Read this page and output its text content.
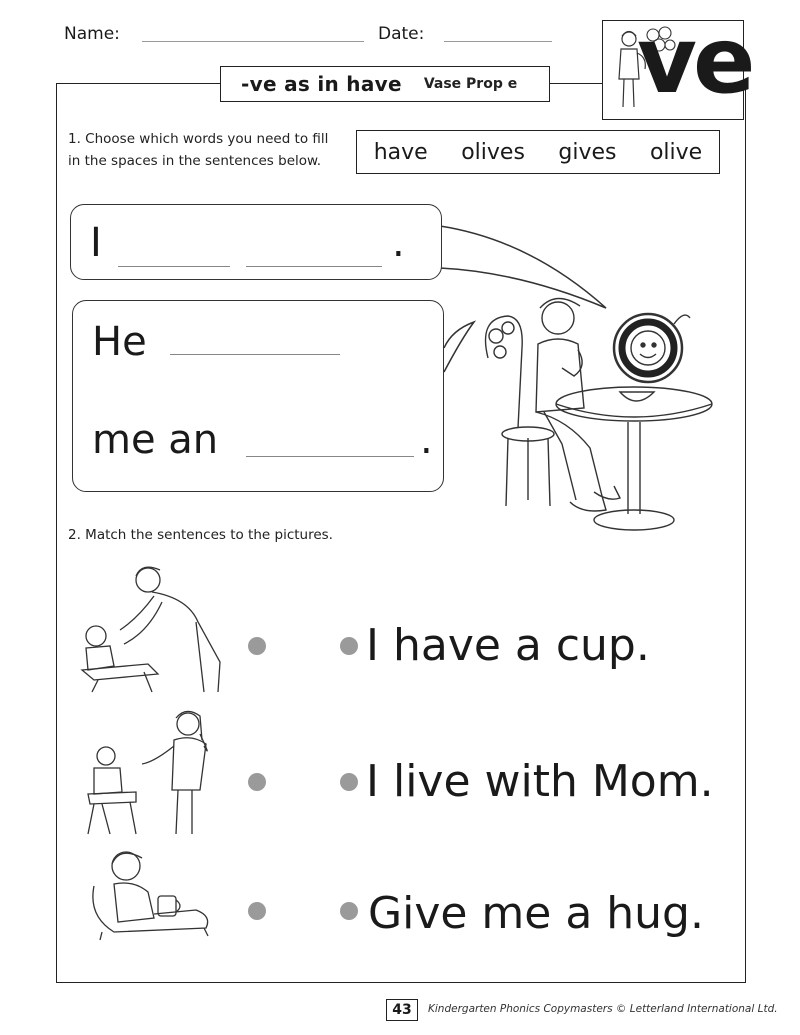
Name:	Date:
-ve as in have Vase Prop e ve
1. Choose which words you need to fill
in the spaces in the sentences below.	have olives gives olive
I	.
He
me an	.
2. Match the sentences to the pictures.
I have a cup.
I live with Mom.
Give me a hug.
43	Kindergarten Phonics Copymasters © Letterland International Ltd.
